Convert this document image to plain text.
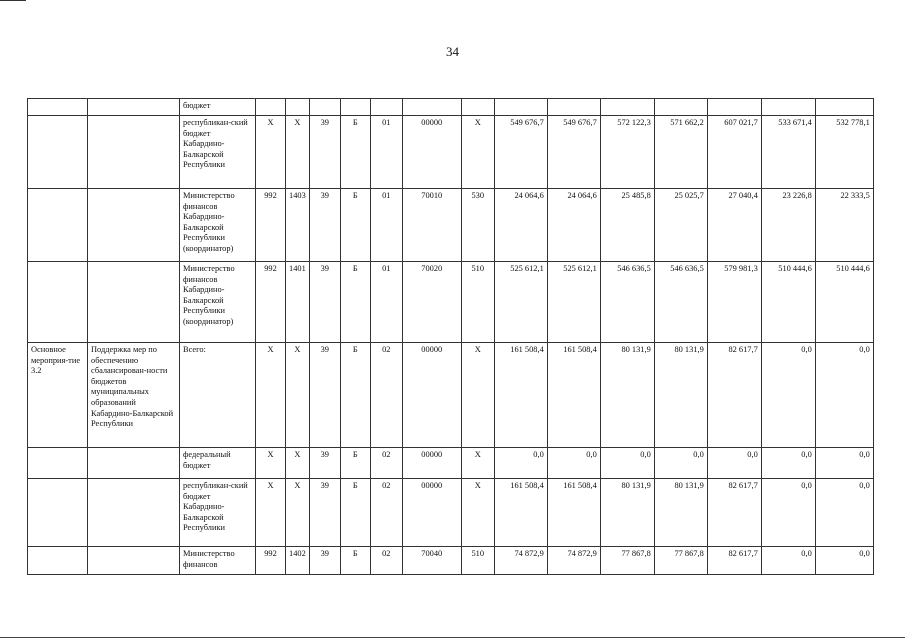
34
		бюджет														
		республикан-ский бюджет Кабардино-Балкарской Республики	Х	Х	39	Б	01	00000	Х	549 676,7	549 676,7	572 122,3	571 662,2	607 021,7	533 671,4	532 778,1
		Министерство финансов Кабардино-Балкарской Республики (координатор)	992	1403	39	Б	01	70010	530	24 064,6	24 064,6	25 485,8	25 025,7	27 040,4	23 226,8	22 333,5
		Министерство финансов Кабардино-Балкарской Республики (координатор)	992	1401	39	Б	01	70020	510	525 612,1	525 612,1	546 636,5	546 636,5	579 981,3	510 444,6	510 444,6
Основное мероприя-тие 3.2	Поддержка мер по обеспечению сбалансирован-ности бюджетов муниципальных образований Кабардино-Балкарской Республики	Всего:	Х	Х	39	Б	02	00000	Х	161 508,4	161 508,4	80 131,9	80 131,9	82 617,7	0,0	0,0
		федеральный бюджет	Х	Х	39	Б	02	00000	Х	0,0	0,0	0,0	0,0	0,0	0,0	0,0
		республикан-ский бюджет Кабардино-Балкарской Республики	Х	Х	39	Б	02	00000	Х	161 508,4	161 508,4	80 131,9	80 131,9	82 617,7	0,0	0,0
		Министерство финансов	992	1402	39	Б	02	70040	510	74 872,9	74 872,9	77 867,8	77 867,8	82 617,7	0,0	0,0
